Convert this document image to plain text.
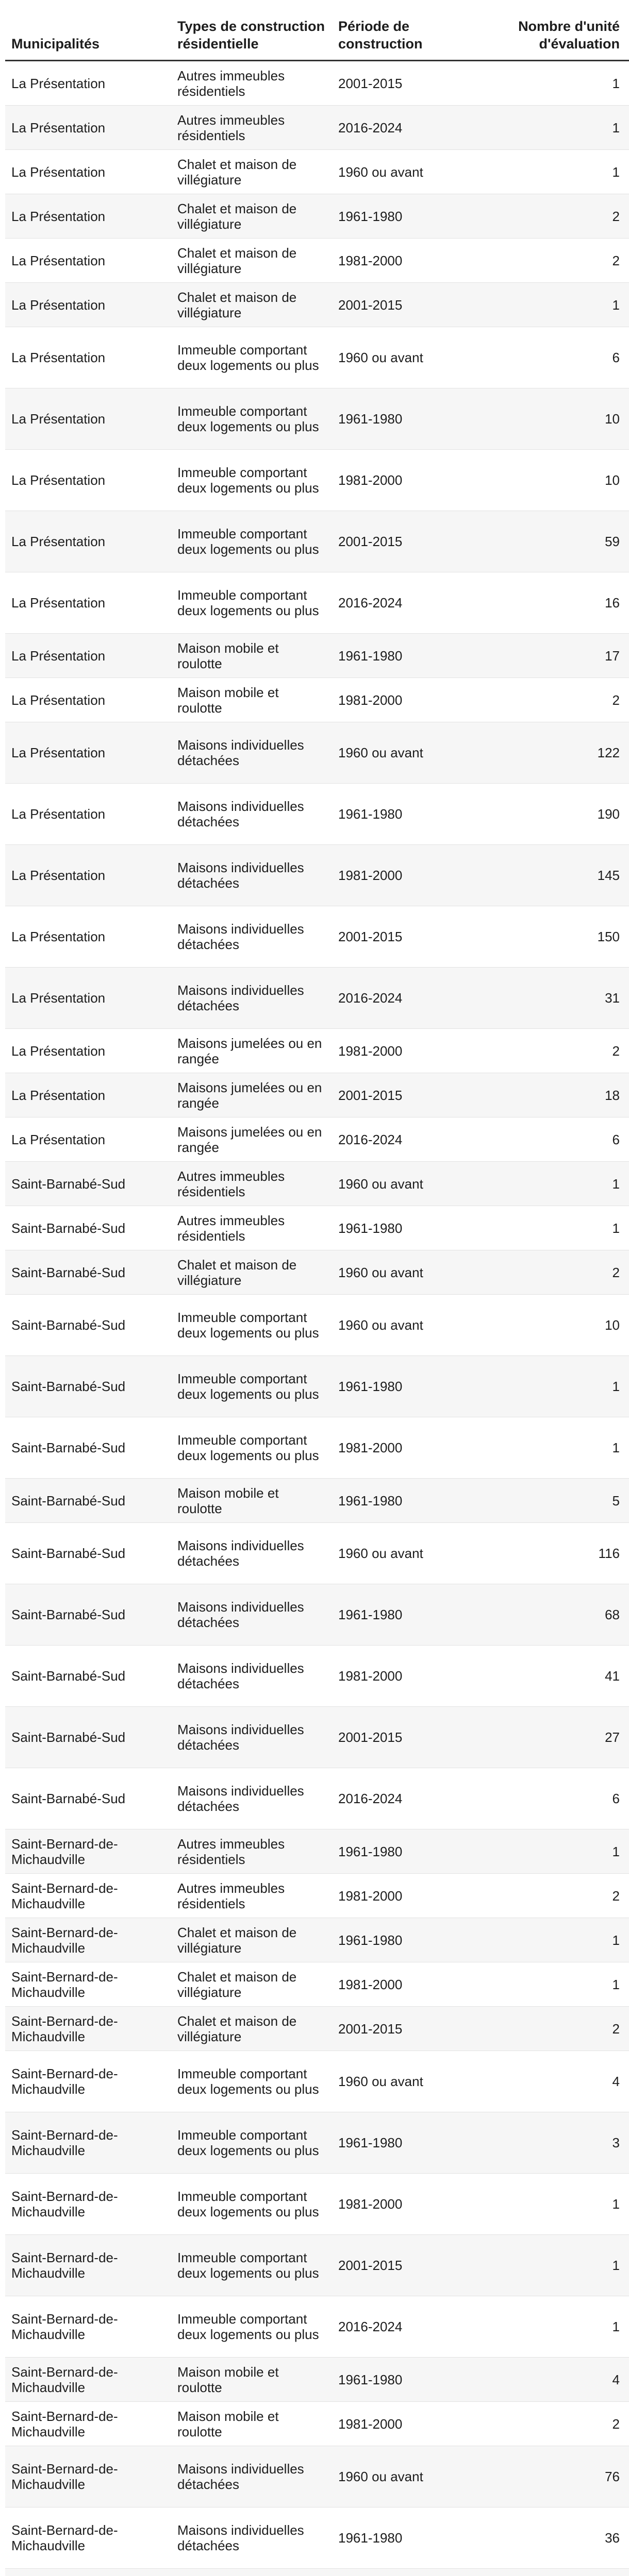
Municipalités	Types de construction résidentielle	Période de construction	Nombre d'unité d'évaluation
La Présentation	Autres immeubles résidentiels	2001-2015	1
La Présentation	Autres immeubles résidentiels	2016-2024	1
La Présentation	Chalet et maison de villégiature	1960 ou avant	1
La Présentation	Chalet et maison de villégiature	1961-1980	2
La Présentation	Chalet et maison de villégiature	1981-2000	2
La Présentation	Chalet et maison de villégiature	2001-2015	1
La Présentation	Immeuble comportant deux logements ou plus	1960 ou avant	6
La Présentation	Immeuble comportant deux logements ou plus	1961-1980	10
La Présentation	Immeuble comportant deux logements ou plus	1981-2000	10
La Présentation	Immeuble comportant deux logements ou plus	2001-2015	59
La Présentation	Immeuble comportant deux logements ou plus	2016-2024	16
La Présentation	Maison mobile et roulotte	1961-1980	17
La Présentation	Maison mobile et roulotte	1981-2000	2
La Présentation	Maisons individuelles détachées	1960 ou avant	122
La Présentation	Maisons individuelles détachées	1961-1980	190
La Présentation	Maisons individuelles détachées	1981-2000	145
La Présentation	Maisons individuelles détachées	2001-2015	150
La Présentation	Maisons individuelles détachées	2016-2024	31
La Présentation	Maisons jumelées ou en rangée	1981-2000	2
La Présentation	Maisons jumelées ou en rangée	2001-2015	18
La Présentation	Maisons jumelées ou en rangée	2016-2024	6
Saint-Barnabé-Sud	Autres immeubles résidentiels	1960 ou avant	1
Saint-Barnabé-Sud	Autres immeubles résidentiels	1961-1980	1
Saint-Barnabé-Sud	Chalet et maison de villégiature	1960 ou avant	2
Saint-Barnabé-Sud	Immeuble comportant deux logements ou plus	1960 ou avant	10
Saint-Barnabé-Sud	Immeuble comportant deux logements ou plus	1961-1980	1
Saint-Barnabé-Sud	Immeuble comportant deux logements ou plus	1981-2000	1
Saint-Barnabé-Sud	Maison mobile et roulotte	1961-1980	5
Saint-Barnabé-Sud	Maisons individuelles détachées	1960 ou avant	116
Saint-Barnabé-Sud	Maisons individuelles détachées	1961-1980	68
Saint-Barnabé-Sud	Maisons individuelles détachées	1981-2000	41
Saint-Barnabé-Sud	Maisons individuelles détachées	2001-2015	27
Saint-Barnabé-Sud	Maisons individuelles détachées	2016-2024	6
Saint-Bernard-de-Michaudville	Autres immeubles résidentiels	1961-1980	1
Saint-Bernard-de-Michaudville	Autres immeubles résidentiels	1981-2000	2
Saint-Bernard-de-Michaudville	Chalet et maison de villégiature	1961-1980	1
Saint-Bernard-de-Michaudville	Chalet et maison de villégiature	1981-2000	1
Saint-Bernard-de-Michaudville	Chalet et maison de villégiature	2001-2015	2
Saint-Bernard-de-Michaudville	Immeuble comportant deux logements ou plus	1960 ou avant	4
Saint-Bernard-de-Michaudville	Immeuble comportant deux logements ou plus	1961-1980	3
Saint-Bernard-de-Michaudville	Immeuble comportant deux logements ou plus	1981-2000	1
Saint-Bernard-de-Michaudville	Immeuble comportant deux logements ou plus	2001-2015	1
Saint-Bernard-de-Michaudville	Immeuble comportant deux logements ou plus	2016-2024	1
Saint-Bernard-de-Michaudville	Maison mobile et roulotte	1961-1980	4
Saint-Bernard-de-Michaudville	Maison mobile et roulotte	1981-2000	2
Saint-Bernard-de-Michaudville	Maisons individuelles détachées	1960 ou avant	76
Saint-Bernard-de-Michaudville	Maisons individuelles détachées	1961-1980	36
